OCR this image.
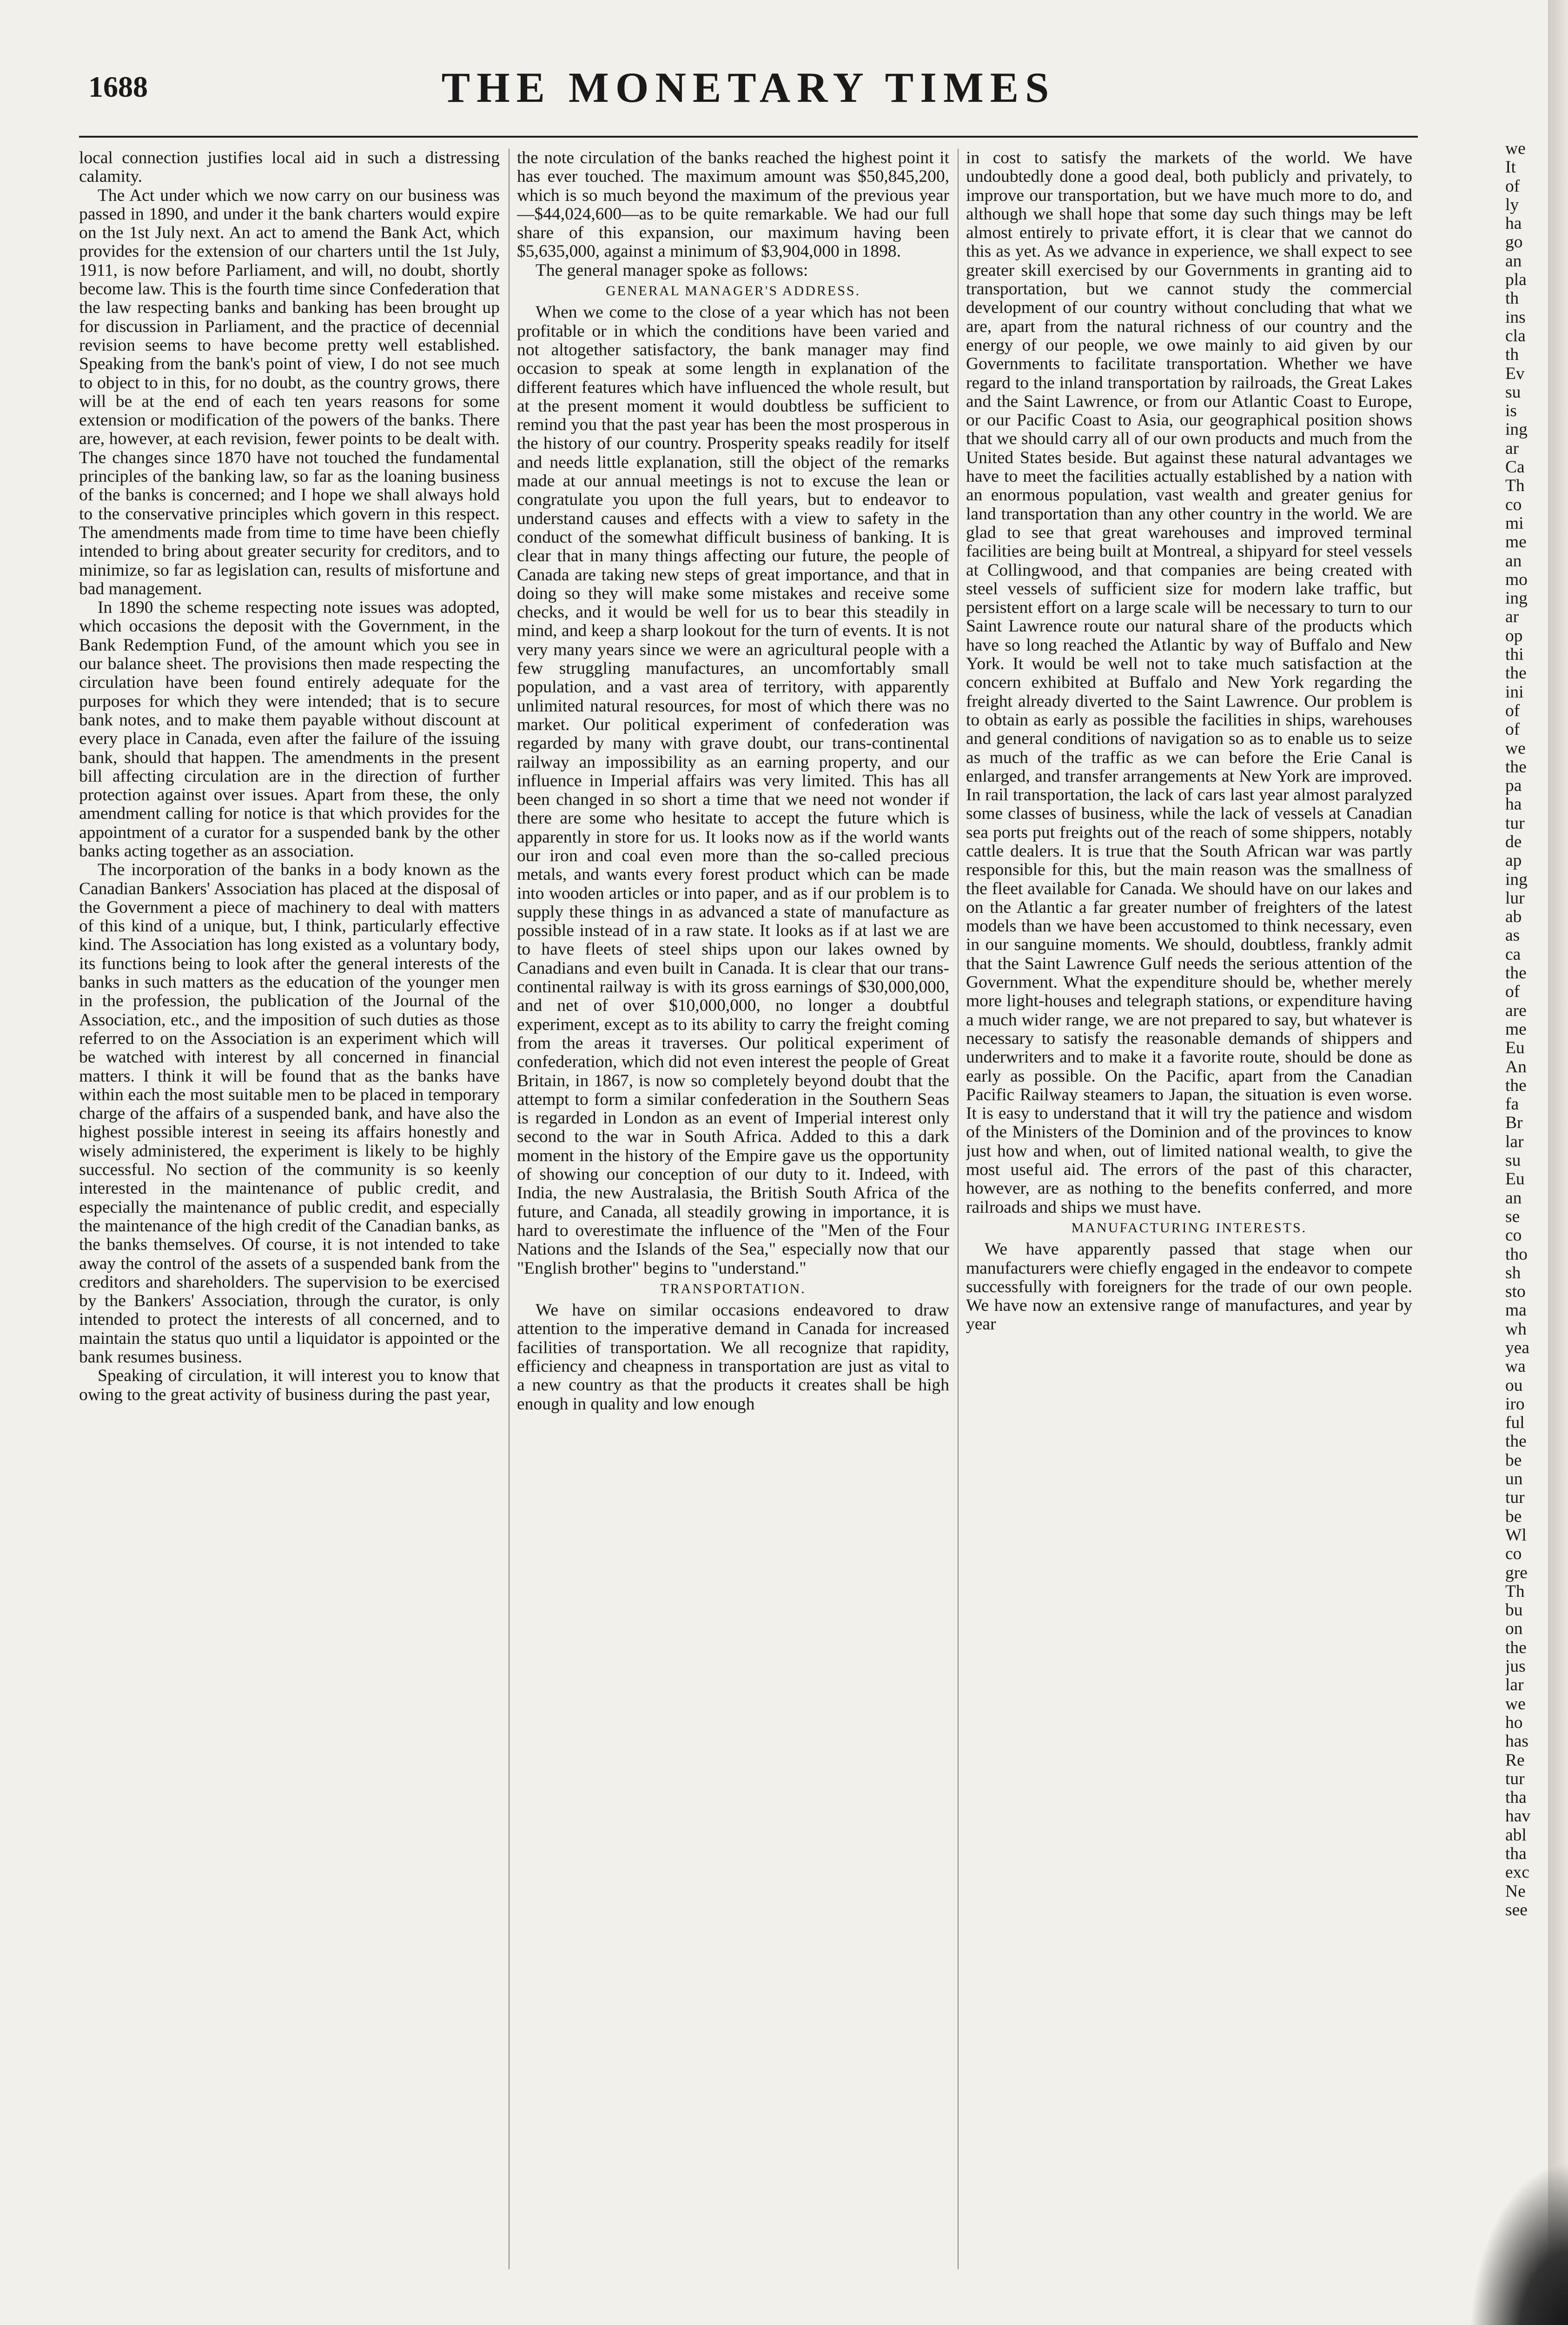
1688	THE MONETARY TIMES

local connection justifies local aid in such a distressing calamity.

The Act under which we now carry on our business was passed in 1890, and under it the bank charters would expire on the 1st July next. An act to amend the Bank Act, which provides for the extension of our charters until the 1st July, 1911, is now before Parliament, and will, no doubt, shortly become law. This is the fourth time since Confederation that the law respecting banks and banking has been brought up for discussion in Parliament, and the practice of decennial revision seems to have become pretty well established. Speaking from the bank's point of view, I do not see much to object to in this, for no doubt, as the country grows, there will be at the end of each ten years reasons for some extension or modification of the powers of the banks. There are, however, at each revision, fewer points to be dealt with. The changes since 1870 have not touched the fundamental principles of the banking law, so far as the loaning business of the banks is concerned; and I hope we shall always hold to the conservative principles which govern in this respect. The amendments made from time to time have been chiefly intended to bring about greater security for creditors, and to minimize, so far as legislation can, results of misfortune and bad management.

In 1890 the scheme respecting note issues was adopted, which occasions the deposit with the Government, in the Bank Redemption Fund, of the amount which you see in our balance sheet. The provisions then made respecting the circulation have been found entirely adequate for the purposes for which they were intended; that is to secure bank notes, and to make them payable without discount at every place in Canada, even after the failure of the issuing bank, should that happen. The amendments in the present bill affecting circulation are in the direction of further protection against over issues. Apart from these, the only amendment calling for notice is that which provides for the appointment of a curator for a suspended bank by the other banks acting together as an association.

The incorporation of the banks in a body known as the Canadian Bankers' Association has placed at the disposal of the Government a piece of machinery to deal with matters of this kind of a unique, but, I think, particularly effective kind. The Association has long existed as a voluntary body, its functions being to look after the general interests of the banks in such matters as the education of the younger men in the profession, the publication of the Journal of the Association, etc., and the imposition of such duties as those referred to on the Association is an experiment which will be watched with interest by all concerned in financial matters. I think it will be found that as the banks have within each the most suitable men to be placed in temporary charge of the affairs of a suspended bank, and have also the highest possible interest in seeing its affairs honestly and wisely administered, the experiment is likely to be highly successful. No section of the community is so keenly interested in the maintenance of public credit, and especially the maintenance of public credit, and especially the maintenance of the high credit of the Canadian banks, as the banks themselves. Of course, it is not intended to take away the control of the assets of a suspended bank from the creditors and shareholders. The supervision to be exercised by the Bankers' Association, through the curator, is only intended to protect the interests of all concerned, and to maintain the status quo until a liquidator is appointed or the bank resumes business.

Speaking of circulation, it will interest you to know that owing to the great activity of business during the past year,

the note circulation of the banks reached the highest point it has ever touched. The maximum amount was $50,845,200, which is so much beyond the maximum of the previous year—$44,024,600—as to be quite remarkable. We had our full share of this expansion, our maximum having been $5,635,000, against a minimum of $3,904,000 in 1898.

The general manager spoke as follows:

GENERAL MANAGER'S ADDRESS.

When we come to the close of a year which has not been profitable or in which the conditions have been varied and not altogether satisfactory, the bank manager may find occasion to speak at some length in explanation of the different features which have influenced the whole result, but at the present moment it would doubtless be sufficient to remind you that the past year has been the most prosperous in the history of our country. Prosperity speaks readily for itself and needs little explanation, still the object of the remarks made at our annual meetings is not to excuse the lean or congratulate you upon the full years, but to endeavor to understand causes and effects with a view to safety in the conduct of the somewhat difficult business of banking. It is clear that in many things affecting our future, the people of Canada are taking new steps of great importance, and that in doing so they will make some mistakes and receive some checks, and it would be well for us to bear this steadily in mind, and keep a sharp lookout for the turn of events. It is not very many years since we were an agricultural people with a few struggling manufactures, an uncomfortably small population, and a vast area of territory, with apparently unlimited natural resources, for most of which there was no market. Our political experiment of confederation was regarded by many with grave doubt, our trans-continental railway an impossibility as an earning property, and our influence in Imperial affairs was very limited. This has all been changed in so short a time that we need not wonder if there are some who hesitate to accept the future which is apparently in store for us. It looks now as if the world wants our iron and coal even more than the so-called precious metals, and wants every forest product which can be made into wooden articles or into paper, and as if our problem is to supply these things in as advanced a state of manufacture as possible instead of in a raw state. It looks as if at last we are to have fleets of steel ships upon our lakes owned by Canadians and even built in Canada. It is clear that our trans-continental railway is with its gross earnings of $30,000,000, and net of over $10,000,000, no longer a doubtful experiment, except as to its ability to carry the freight coming from the areas it traverses. Our political experiment of confederation, which did not even interest the people of Great Britain, in 1867, is now so completely beyond doubt that the attempt to form a similar confederation in the Southern Seas is regarded in London as an event of Imperial interest only second to the war in South Africa. Added to this a dark moment in the history of the Empire gave us the opportunity of showing our conception of our duty to it. Indeed, with India, the new Australasia, the British South Africa of the future, and Canada, all steadily growing in importance, it is hard to overestimate the influence of the "Men of the Four Nations and the Islands of the Sea," especially now that our "English brother" begins to "understand."

TRANSPORTATION.

We have on similar occasions endeavored to draw attention to the imperative demand in Canada for increased facilities of transportation. We all recognize that rapidity, efficiency and cheapness in transportation are just as vital to a new country as that the products it creates shall be high enough in quality and low enough

in cost to satisfy the markets of the world. We have undoubtedly done a good deal, both publicly and privately, to improve our transportation, but we have much more to do, and although we shall hope that some day such things may be left almost entirely to private effort, it is clear that we cannot do this as yet. As we advance in experience, we shall expect to see greater skill exercised by our Governments in granting aid to transportation, but we cannot study the commercial development of our country without concluding that what we are, apart from the natural richness of our country and the energy of our people, we owe mainly to aid given by our Governments to facilitate transportation. Whether we have regard to the inland transportation by railroads, the Great Lakes and the Saint Lawrence, or from our Atlantic Coast to Europe, or our Pacific Coast to Asia, our geographical position shows that we should carry all of our own products and much from the United States beside. But against these natural advantages we have to meet the facilities actually established by a nation with an enormous population, vast wealth and greater genius for land transportation than any other country in the world. We are glad to see that great warehouses and improved terminal facilities are being built at Montreal, a shipyard for steel vessels at Collingwood, and that companies are being created with steel vessels of sufficient size for modern lake traffic, but persistent effort on a large scale will be necessary to turn to our Saint Lawrence route our natural share of the products which have so long reached the Atlantic by way of Buffalo and New York. It would be well not to take much satisfaction at the concern exhibited at Buffalo and New York regarding the freight already diverted to the Saint Lawrence. Our problem is to obtain as early as possible the facilities in ships, warehouses and general conditions of navigation so as to enable us to seize as much of the traffic as we can before the Erie Canal is enlarged, and transfer arrangements at New York are improved. In rail transportation, the lack of cars last year almost paralyzed some classes of business, while the lack of vessels at Canadian sea ports put freights out of the reach of some shippers, notably cattle dealers. It is true that the South African war was partly responsible for this, but the main reason was the smallness of the fleet available for Canada. We should have on our lakes and on the Atlantic a far greater number of freighters of the latest models than we have been accustomed to think necessary, even in our sanguine moments. We should, doubtless, frankly admit that the Saint Lawrence Gulf needs the serious attention of the Government. What the expenditure should be, whether merely more light-houses and telegraph stations, or expenditure having a much wider range, we are not prepared to say, but whatever is necessary to satisfy the reasonable demands of shippers and underwriters and to make it a favorite route, should be done as early as possible. On the Pacific, apart from the Canadian Pacific Railway steamers to Japan, the situation is even worse. It is easy to understand that it will try the patience and wisdom of the Ministers of the Dominion and of the provinces to know just how and when, out of limited national wealth, to give the most useful aid. The errors of the past of this character, however, are as nothing to the benefits conferred, and more railroads and ships we must have.

MANUFACTURING INTERESTS.

We have apparently passed that stage when our manufacturers were chiefly engaged in the endeavor to compete successfully with foreigners for the trade of our own people. We have now an extensive range of manufactures, and year by year

we
It
of
ly
ha
go
an
pla
th
ins
cla
th
Ev
su
is
ing
ar
Ca
Th
co
mi
me
an
mo
ing
ar
op
thi
the
ini
of
of
we
the
pa
ha
tur
de
ap
ing
lur
ab
as
ca
the
of
are
me
Eu
An
the
fa
Br
lar
su
Eu
an
se
co
tho
sh
sto
ma
wh
yea
wa
ou
iro
ful
the
be
un
tur
be
Wl
co
gre
Th
bu
on
the
jus
lar
we
ho
has
Re
tur
tha
hav
abl
tha
exc
Ne
see
